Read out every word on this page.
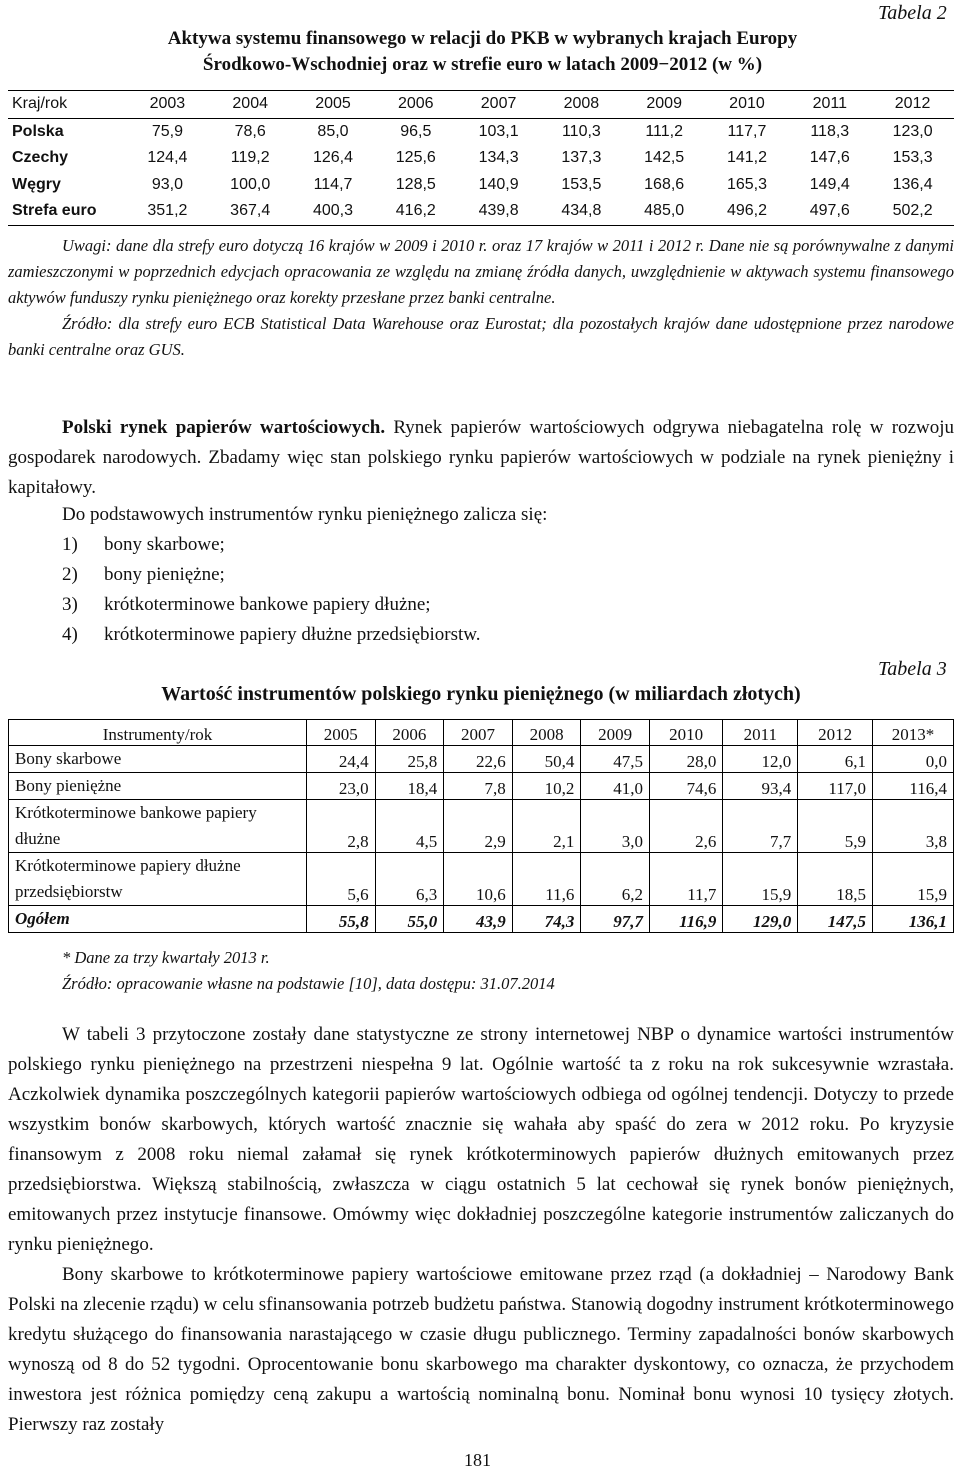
Tabela 2
Aktywa systemu finansowego w relacji do PKB w wybranych krajach Europy
Środkowo-Wschodniej oraz w strefie euro w latach 2009−2012 (w %)
Kraj/rok	2003	2004	2005	2006	2007	2008	2009	2010	2011	2012
Polska	75,9	78,6	85,0	96,5	103,1	110,3	111,2	117,7	118,3	123,0
Czechy	124,4	119,2	126,4	125,6	134,3	137,3	142,5	141,2	147,6	153,3
Węgry	93,0	100,0	114,7	128,5	140,9	153,5	168,6	165,3	149,4	136,4
Strefa euro	351,2	367,4	400,3	416,2	439,8	434,8	485,0	496,2	497,6	502,2

Uwagi: dane dla strefy euro dotyczą 16 krajów w 2009 i 2010 r. oraz 17 krajów w 2011 i 2012 r. Dane nie są porównywalne z danymi zamieszczonymi w poprzednich edycjach opracowania ze względu na zmianę źródła danych, uwzględnienie w aktywach systemu finansowego aktywów funduszy rynku pieniężnego oraz korekty przesłane przez banki centralne.

Źródło: dla strefy euro ECB Statistical Data Warehouse oraz Eurostat; dla pozostałych krajów dane udostępnione przez narodowe banki centralne oraz GUS.

Polski rynek papierów wartościowych. Rynek papierów wartościowych odgrywa niebagatelna rolę w rozwoju gospodarek narodowych. Zbadamy więc stan polskiego rynku papierów wartościowych w podziale na rynek pieniężny i kapitałowy.

Do podstawowych instrumentów rynku pieniężnego zalicza się:
1) bony skarbowe;
2) bony pieniężne;
3) krótkoterminowe bankowe papiery dłużne;
4) krótkoterminowe papiery dłużne przedsiębiorstw.
Tabela 3
Wartość instrumentów polskiego rynku pieniężnego (w miliardach złotych)
Instrumenty/rok	2005	2006	2007	2008	2009	2010	2011	2012	2013*
Bony skarbowe	24,4	25,8	22,6	50,4	47,5	28,0	12,0	6,1	0,0
Bony pieniężne	23,0	18,4	7,8	10,2	41,0	74,6	93,4	117,0	116,4
Krótkoterminowe bankowe papiery dłużne	2,8	4,5	2,9	2,1	3,0	2,6	7,7	5,9	3,8
Krótkoterminowe papiery dłużne przedsiębiorstw	5,6	6,3	10,6	11,6	6,2	11,7	15,9	18,5	15,9
Ogółem	55,8	55,0	43,9	74,3	97,7	116,9	129,0	147,5	136,1
* Dane za trzy kwartały 2013 r.
Źródło: opracowanie własne na podstawie [10], data dostępu: 31.07.2014

W tabeli 3 przytoczone zostały dane statystyczne ze strony internetowej NBP o dynamice wartości instrumentów polskiego rynku pieniężnego na przestrzeni niespełna 9 lat. Ogólnie wartość ta z roku na rok sukcesywnie wzrastała. Aczkolwiek dynamika poszczególnych kategorii papierów wartościowych odbiega od ogólnej tendencji. Dotyczy to przede wszystkim bonów skarbowych, których wartość znacznie się wahała aby spaść do zera w 2012 roku. Po kryzysie finansowym z 2008 roku niemal załamał się rynek krótkoterminowych papierów dłużnych emitowanych przez przedsiębiorstwa. Większą stabilnością, zwłaszcza w ciągu ostatnich 5 lat cechował się rynek bonów pieniężnych, emitowanych przez instytucje finansowe. Omówmy więc dokładniej poszczególne kategorie instrumentów zaliczanych do rynku pieniężnego.

Bony skarbowe to krótkoterminowe papiery wartościowe emitowane przez rząd (a dokładniej – Narodowy Bank Polski na zlecenie rządu) w celu sfinansowania potrzeb budżetu państwa. Stanowią dogodny instrument krótkoterminowego kredytu służącego do finansowania narastającego w czasie długu publicznego. Terminy zapadalności bonów skarbowych wynoszą od 8 do 52 tygodni. Oprocentowanie bonu skarbowego ma charakter dyskontowy, co oznacza, że przychodem inwestora jest różnica pomiędzy ceną zakupu a wartością nominalną bonu. Nominał bonu wynosi 10 tysięcy złotych. Pierwszy raz zostały

181
